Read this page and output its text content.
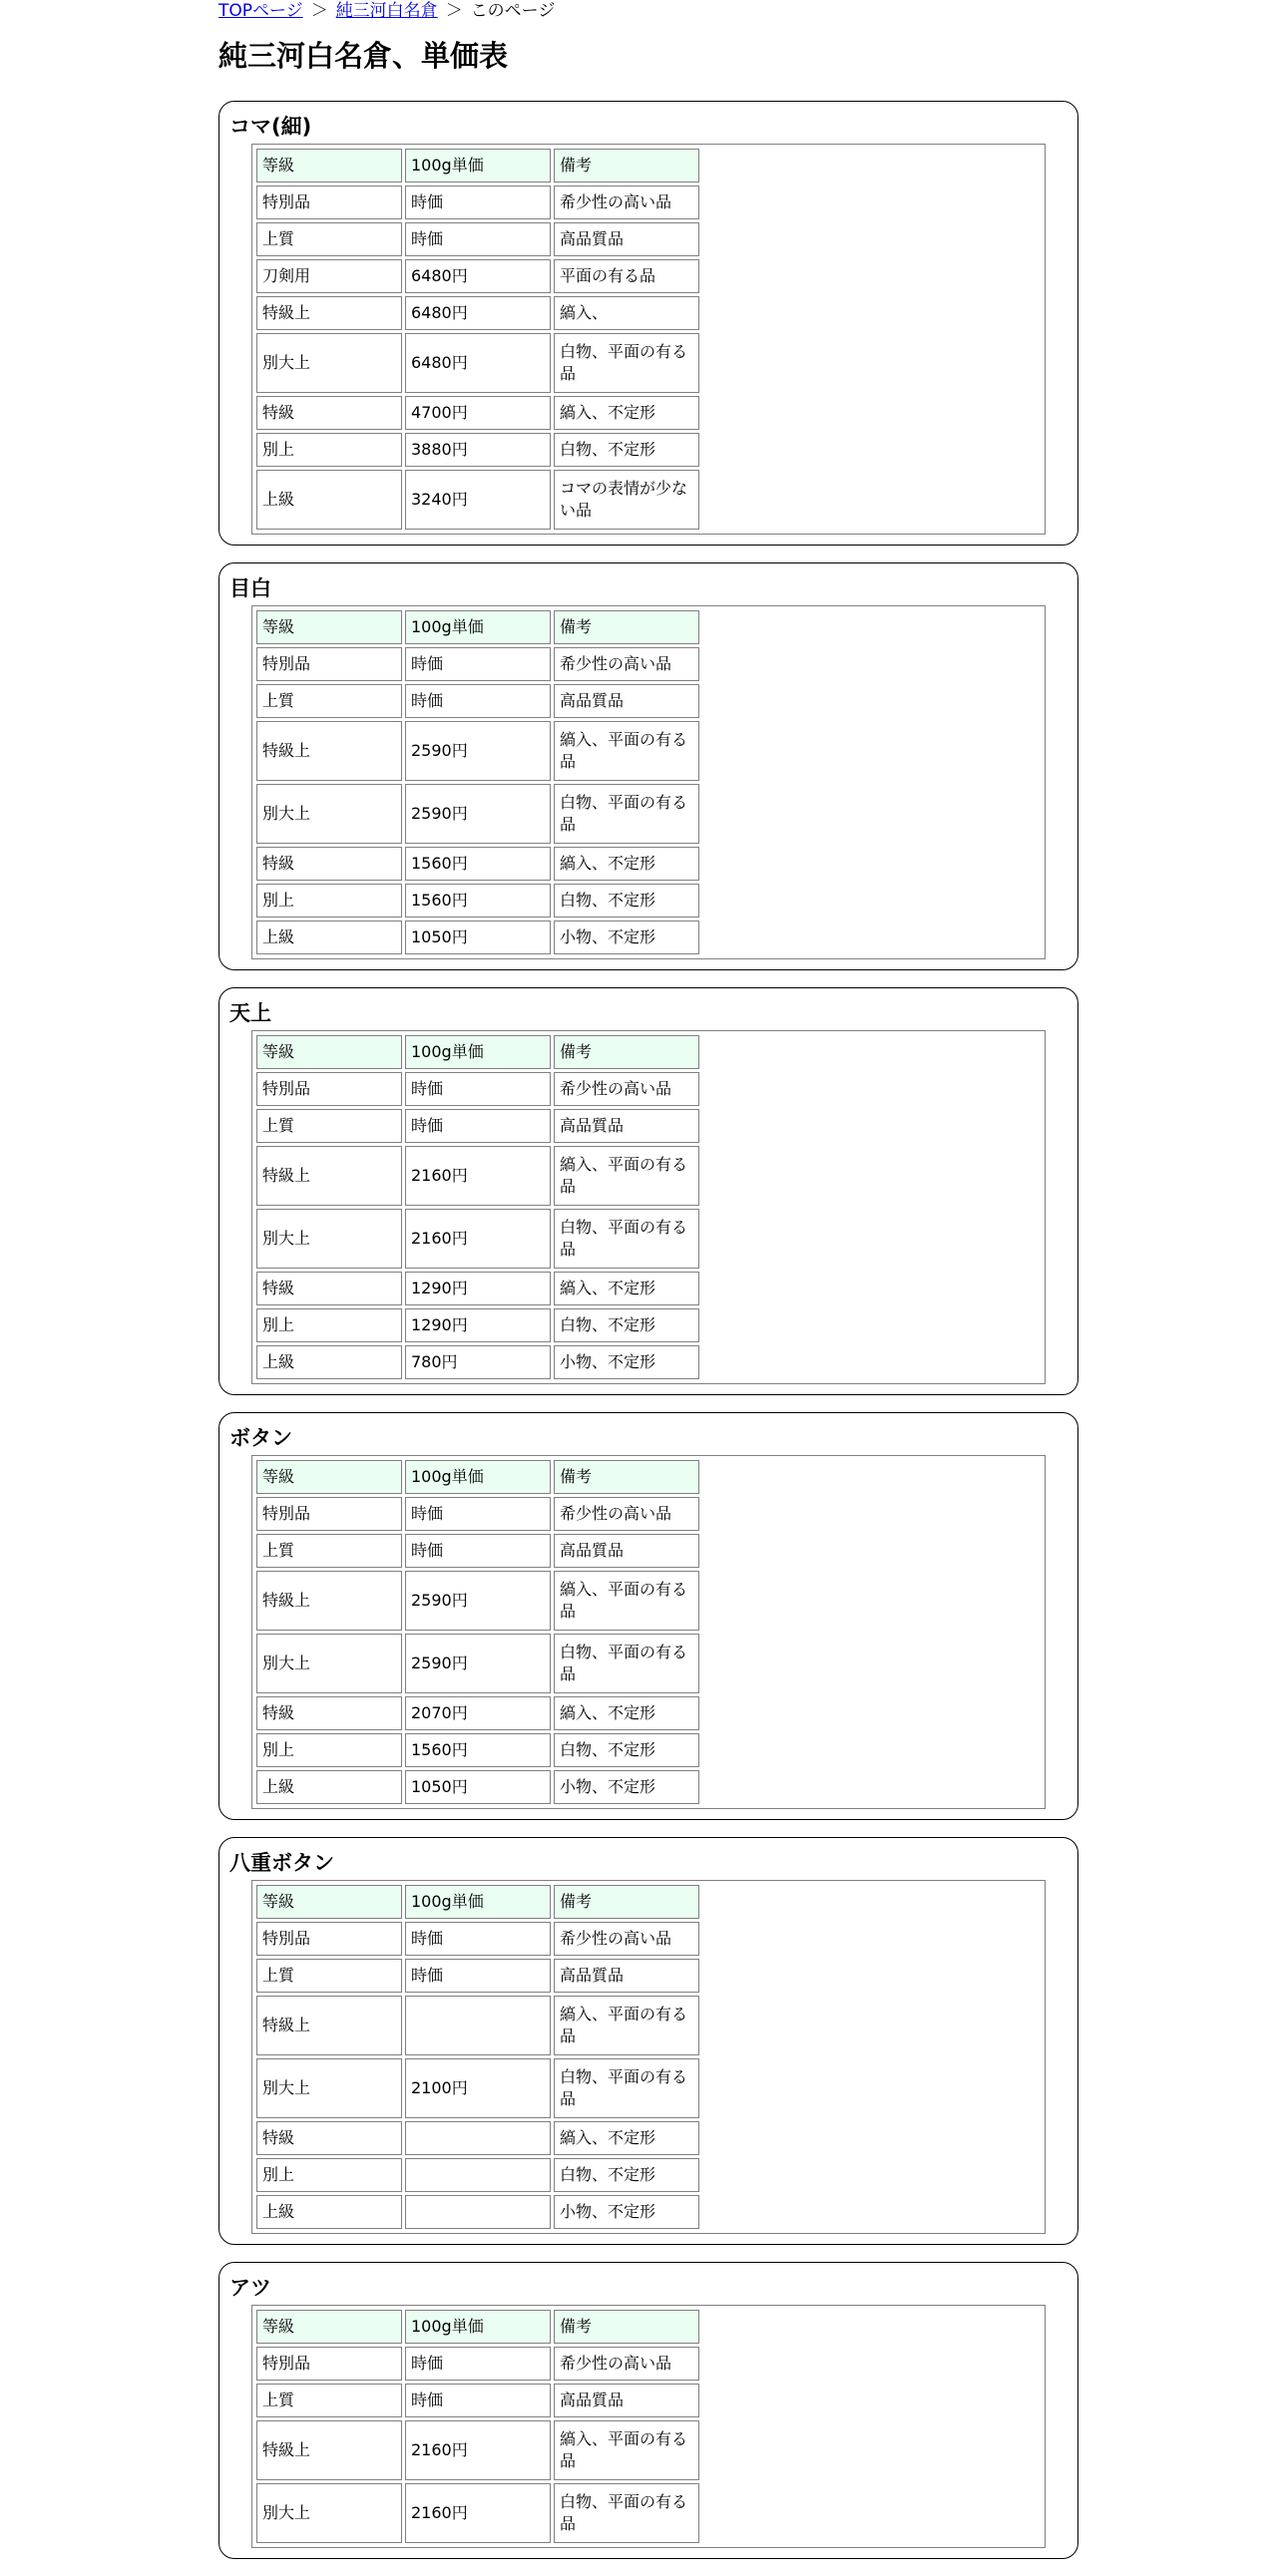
TOPページ ＞ 純三河白名倉 ＞ このページ
純三河白名倉、単価表
コマ(細)
等級	100g単価	備考
特別品	時価	希少性の高い品
上質	時価	高品質品
刀剣用	6480円	平面の有る品
特級上	6480円	縞入、
別大上	6480円	白物、平面の有る品
特級	4700円	縞入、不定形
別上	3880円	白物、不定形
上級	3240円	コマの表情が少ない品
目白
等級	100g単価	備考
特別品	時価	希少性の高い品
上質	時価	高品質品
特級上	2590円	縞入、平面の有る品
別大上	2590円	白物、平面の有る品
特級	1560円	縞入、不定形
別上	1560円	白物、不定形
上級	1050円	小物、不定形
天上
等級	100g単価	備考
特別品	時価	希少性の高い品
上質	時価	高品質品
特級上	2160円	縞入、平面の有る品
別大上	2160円	白物、平面の有る品
特級	1290円	縞入、不定形
別上	1290円	白物、不定形
上級	780円	小物、不定形
ボタン
等級	100g単価	備考
特別品	時価	希少性の高い品
上質	時価	高品質品
特級上	2590円	縞入、平面の有る品
別大上	2590円	白物、平面の有る品
特級	2070円	縞入、不定形
別上	1560円	白物、不定形
上級	1050円	小物、不定形
八重ボタン
等級	100g単価	備考
特別品	時価	希少性の高い品
上質	時価	高品質品
特級上		縞入、平面の有る品
別大上	2100円	白物、平面の有る品
特級		縞入、不定形
別上		白物、不定形
上級		小物、不定形
アツ
等級	100g単価	備考
特別品	時価	希少性の高い品
上質	時価	高品質品
特級上	2160円	縞入、平面の有る品
別大上	2160円	白物、平面の有る品
